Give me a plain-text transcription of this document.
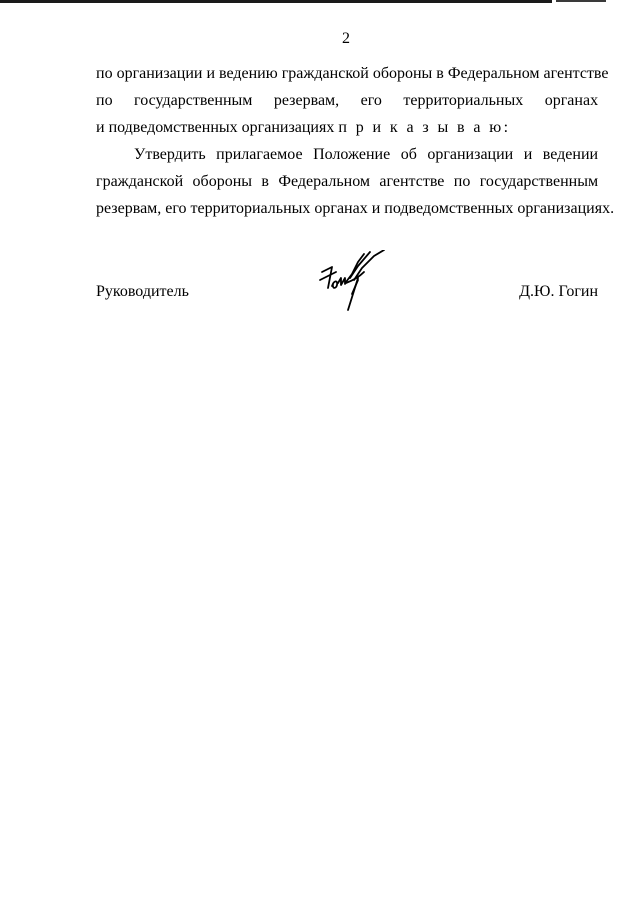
2
по организации и ведению гражданской обороны в Федеральном агентстве
по государственным резервам, его территориальных органах
и подведомственных организациях п р и к а з ы в а ю:
Утвердить прилагаемое Положение об организации и ведении
гражданской обороны в Федеральном агентстве по государственным
резервам, его территориальных органах и подведомственных организациях.
Руководитель	Д.Ю. Гогин
